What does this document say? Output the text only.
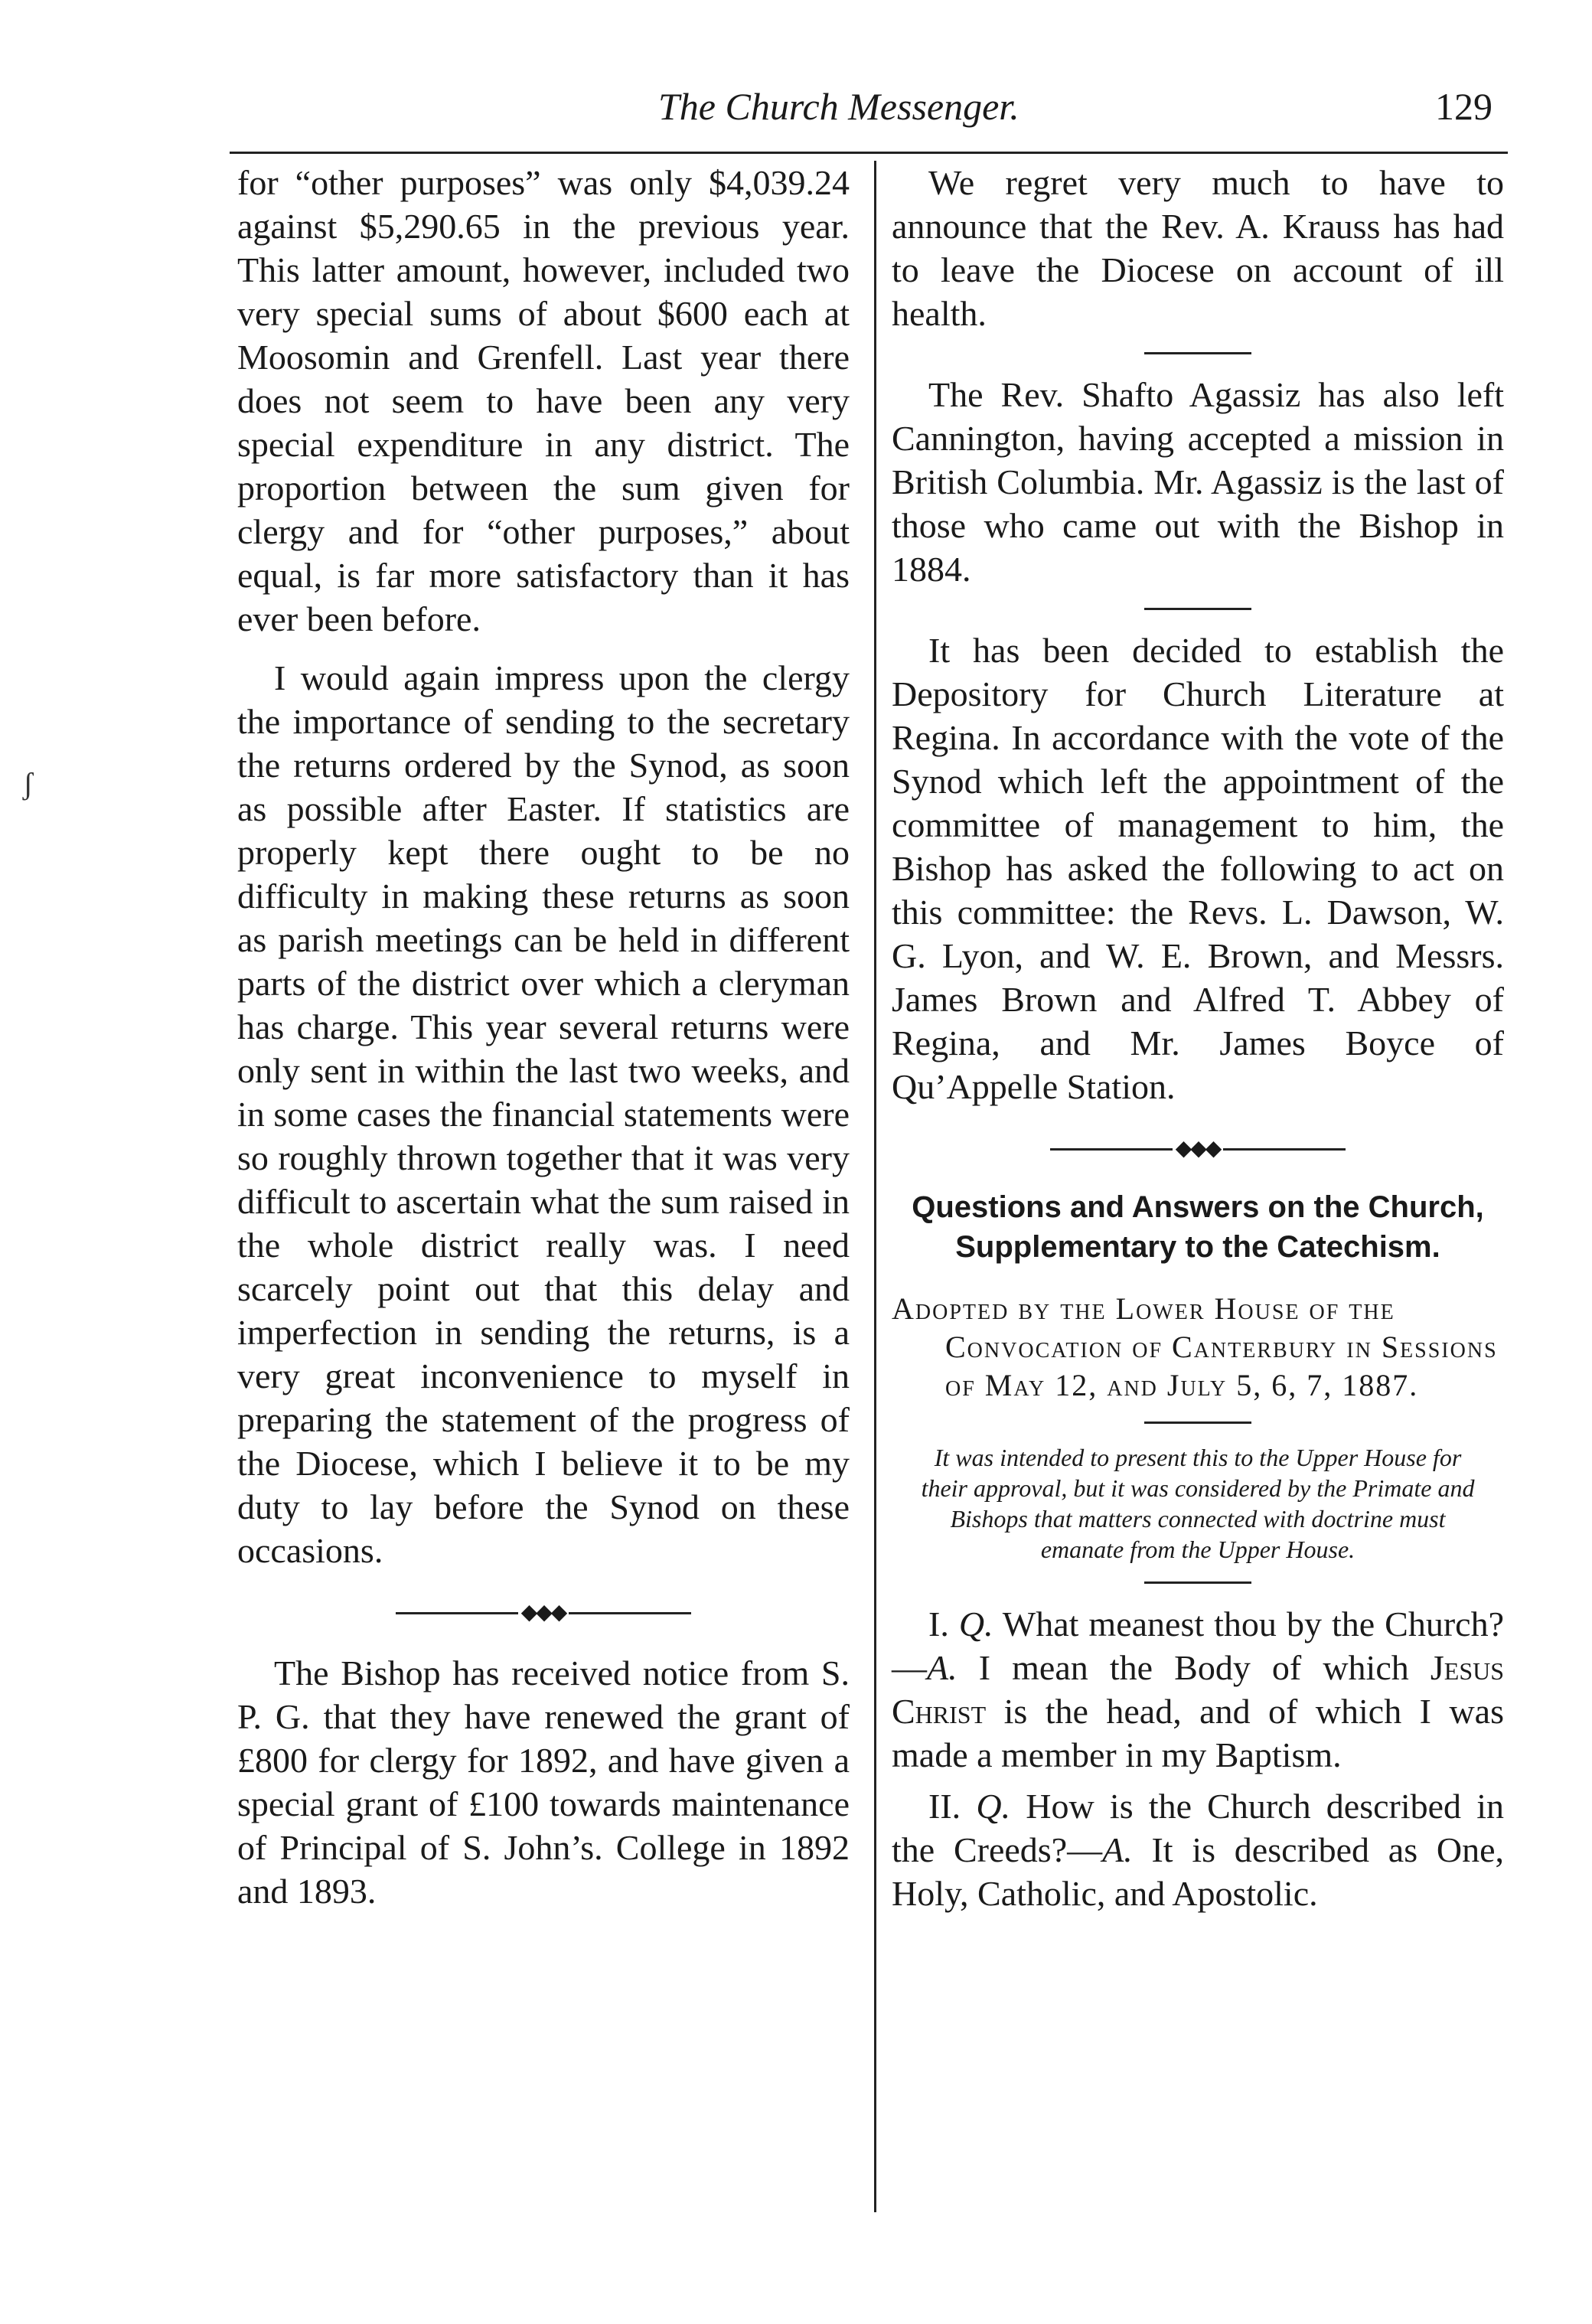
The Church Messenger.	129
ʃ

for “other purposes” was only $4,039.24 against $5,290.65 in the previous year. This latter amount, however, included two very special sums of about $600 each at Moosomin and Grenfell. Last year there does not seem to have been any very special expenditure in any district. The proportion between the sum given for clergy and for “other purposes,” about equal, is far more satisfactory than it has ever been before.

I would again impress upon the clergy the importance of sending to the secretary the returns ordered by the Synod, as soon as possible after Easter. If statistics are properly kept there ought to be no difficulty in making these returns as soon as parish meetings can be held in different parts of the district over which a cleryman has charge. This year several returns were only sent in within the last two weeks, and in some cases the financial statements were so roughly thrown together that it was very difficult to ascertain what the sum raised in the whole district really was. I need scarcely point out that this delay and imperfection in sending the returns, is a very great inconvenience to myself in preparing the statement of the progress of the Diocese, which I believe it to be my duty to lay before the Synod on these occasions.

◆◆◆

The Bishop has received notice from S. P. G. that they have renewed the grant of £800 for clergy for 1892, and have given a special grant of £100 towards maintenance of Principal of S. John’s. College in 1892 and 1893.

We regret very much to have to announce that the Rev. A. Krauss has had to leave the Diocese on account of ill health.

The Rev. Shafto Agassiz has also left Cannington, having accepted a mission in British Columbia. Mr. Agassiz is the last of those who came out with the Bishop in 1884.

It has been decided to establish the Depository for Church Literature at Regina. In accordance with the vote of the Synod which left the appointment of the committee of management to him, the Bishop has asked the following to act on this committee: the Revs. L. Dawson, W. G. Lyon, and W. E. Brown, and Messrs. James Brown and Alfred T. Abbey of Regina, and Mr. James Boyce of Qu’Appelle Station.

◆◆◆
Questions and Answers on the Church, Supplementary to the Catechism.

Adopted by the Lower House of the Convocation of Canterbury in Sessions of May 12, and July 5, 6, 7, 1887.

It was intended to present this to the Upper House for their approval, but it was considered by the Primate and Bishops that matters connected with doctrine must emanate from the Upper House.

I. Q. What meanest thou by the Church?—A. I mean the Body of which Jesus Christ is the head, and of which I was made a member in my Baptism.

II. Q. How is the Church described in the Creeds?—A. It is described as One, Holy, Catholic, and Apostolic.
